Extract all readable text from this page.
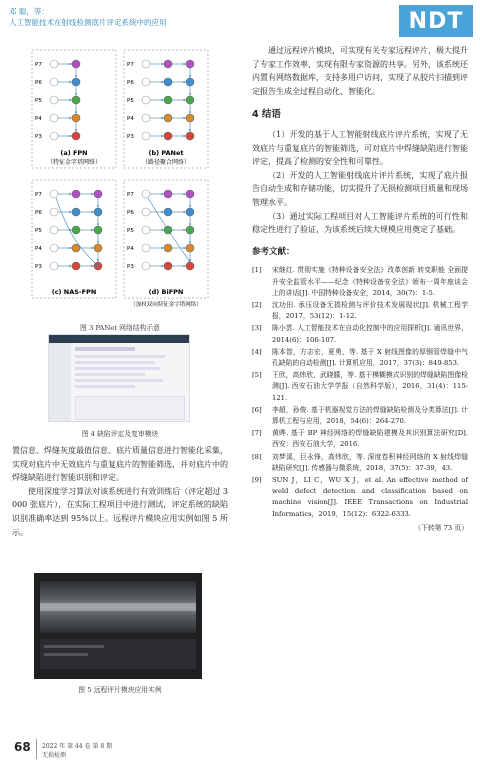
邓 聪，等：
人工智能技术在射线检测底片评定系统中的应用	NDT
P7
P6
P5
P4
P3
P7
P6
P5
P4
P3
P7
P6
P5
P4
P3
P7
P6
P5
P4
P3
(a) FPN
（特征金字塔网络）
(b) PANet
（路径聚合网络）
(c) NAS-FPN	(d) BiFPN
（加权双向特征金字塔网络）
图 3 PANet 网络结构示意
图 4 缺陷评定及复审模块

置信息、焊缝灰度最值信息、底片质量信息进行智能化采集，实现对底片中无效底片与重复底片的智能筛选，并对底片中的焊缝缺陷进行智能识别和评定。

使用深度学习算法对该系统进行有效训练后（评定超过 3 000 张底片），在实际工程项目中进行测试，评定系统的缺陷识别准确率达到 95%以上。远程评片模块应用实例如图 5 所示。

图 5 远程评片模块应用实例

通过远程评片模块，可实现有关专家远程评片，极大提升了专家工作效率，实现有限专家资源的共享。另外，该系统还内置有网络数据库，支持多用户访问，实现了从胶片扫描到评定报告生成全过程自动化、智能化。

4 结语

（1）开发的基于人工智能射线底片评片系统，实现了无效底片与重复底片的智能筛选，可对底片中焊缝缺陷进行智能评定，提高了检测的安全性和可靠性。

（2）开发的人工智能射线底片评片系统，实现了底片报告自动生成和存储功能，切实提升了无损检测项目质量和现场管理水平。

（3）通过实际工程项目对人工智能评片系统的可行性和稳定性进行了验证，为该系统后续大规模应用奠定了基础。

参考文献：
[1]	宋继红. 贯彻实施《特种设备安全法》改革创新 转变职能 全面提升安全监管水平——纪念《特种设备安全法》颁布一周年座谈会上的讲话[J]. 中国特种设备安全，2014，30(7)：1-5.
[2]	沈功田. 承压设备无损检测与评价技术发展现状[J]. 机械工程学报，2017，53(12)：1-12.
[3]	陈小雲. 人工智能技术在自动化控制中的应用探析[J]. 通讯世界，2014(6)：106-107.
[4]	陈本智，方志宏，夏勇，等. 基于 X 射线图像的厚钢管焊缝中气孔缺陷的自动检测[J]. 计算机应用，2017，37(3)：849-853.
[5]	王欣，高炜欣，武晓朦，等. 基于模糊模式识别的焊缝缺陷图像检测[J]. 西安石油大学学报（自然科学版），2016，31(4)：115-121.
[6]	李超，孙俊. 基于机器视觉方法的焊缝缺陷检测及分类算法[J]. 计算机工程与应用，2018，54(6)：264-270.
[7]	黄晔. 基于 BP 神经网络的焊缝缺陷建模及其识别算法研究[D]. 西安：西安石油大学，2016.
[8]	刘梦溪，巨永锋，高炜欣，等. 深度卷积神经网络的 X 射线焊缝缺陷研究[J]. 传感器与微系统，2018，37(5)：37-39，43.
[9]	SUN J，LI C，WU X J，et al. An effective method of weld defect detection and classification based on machine vision[J]. IEEE Transactions on Industrial Informatics，2019，15(12)：6322-6333.
（下转第 73 页）
68 2022 年 第 44 卷 第 8 期
无损检测
